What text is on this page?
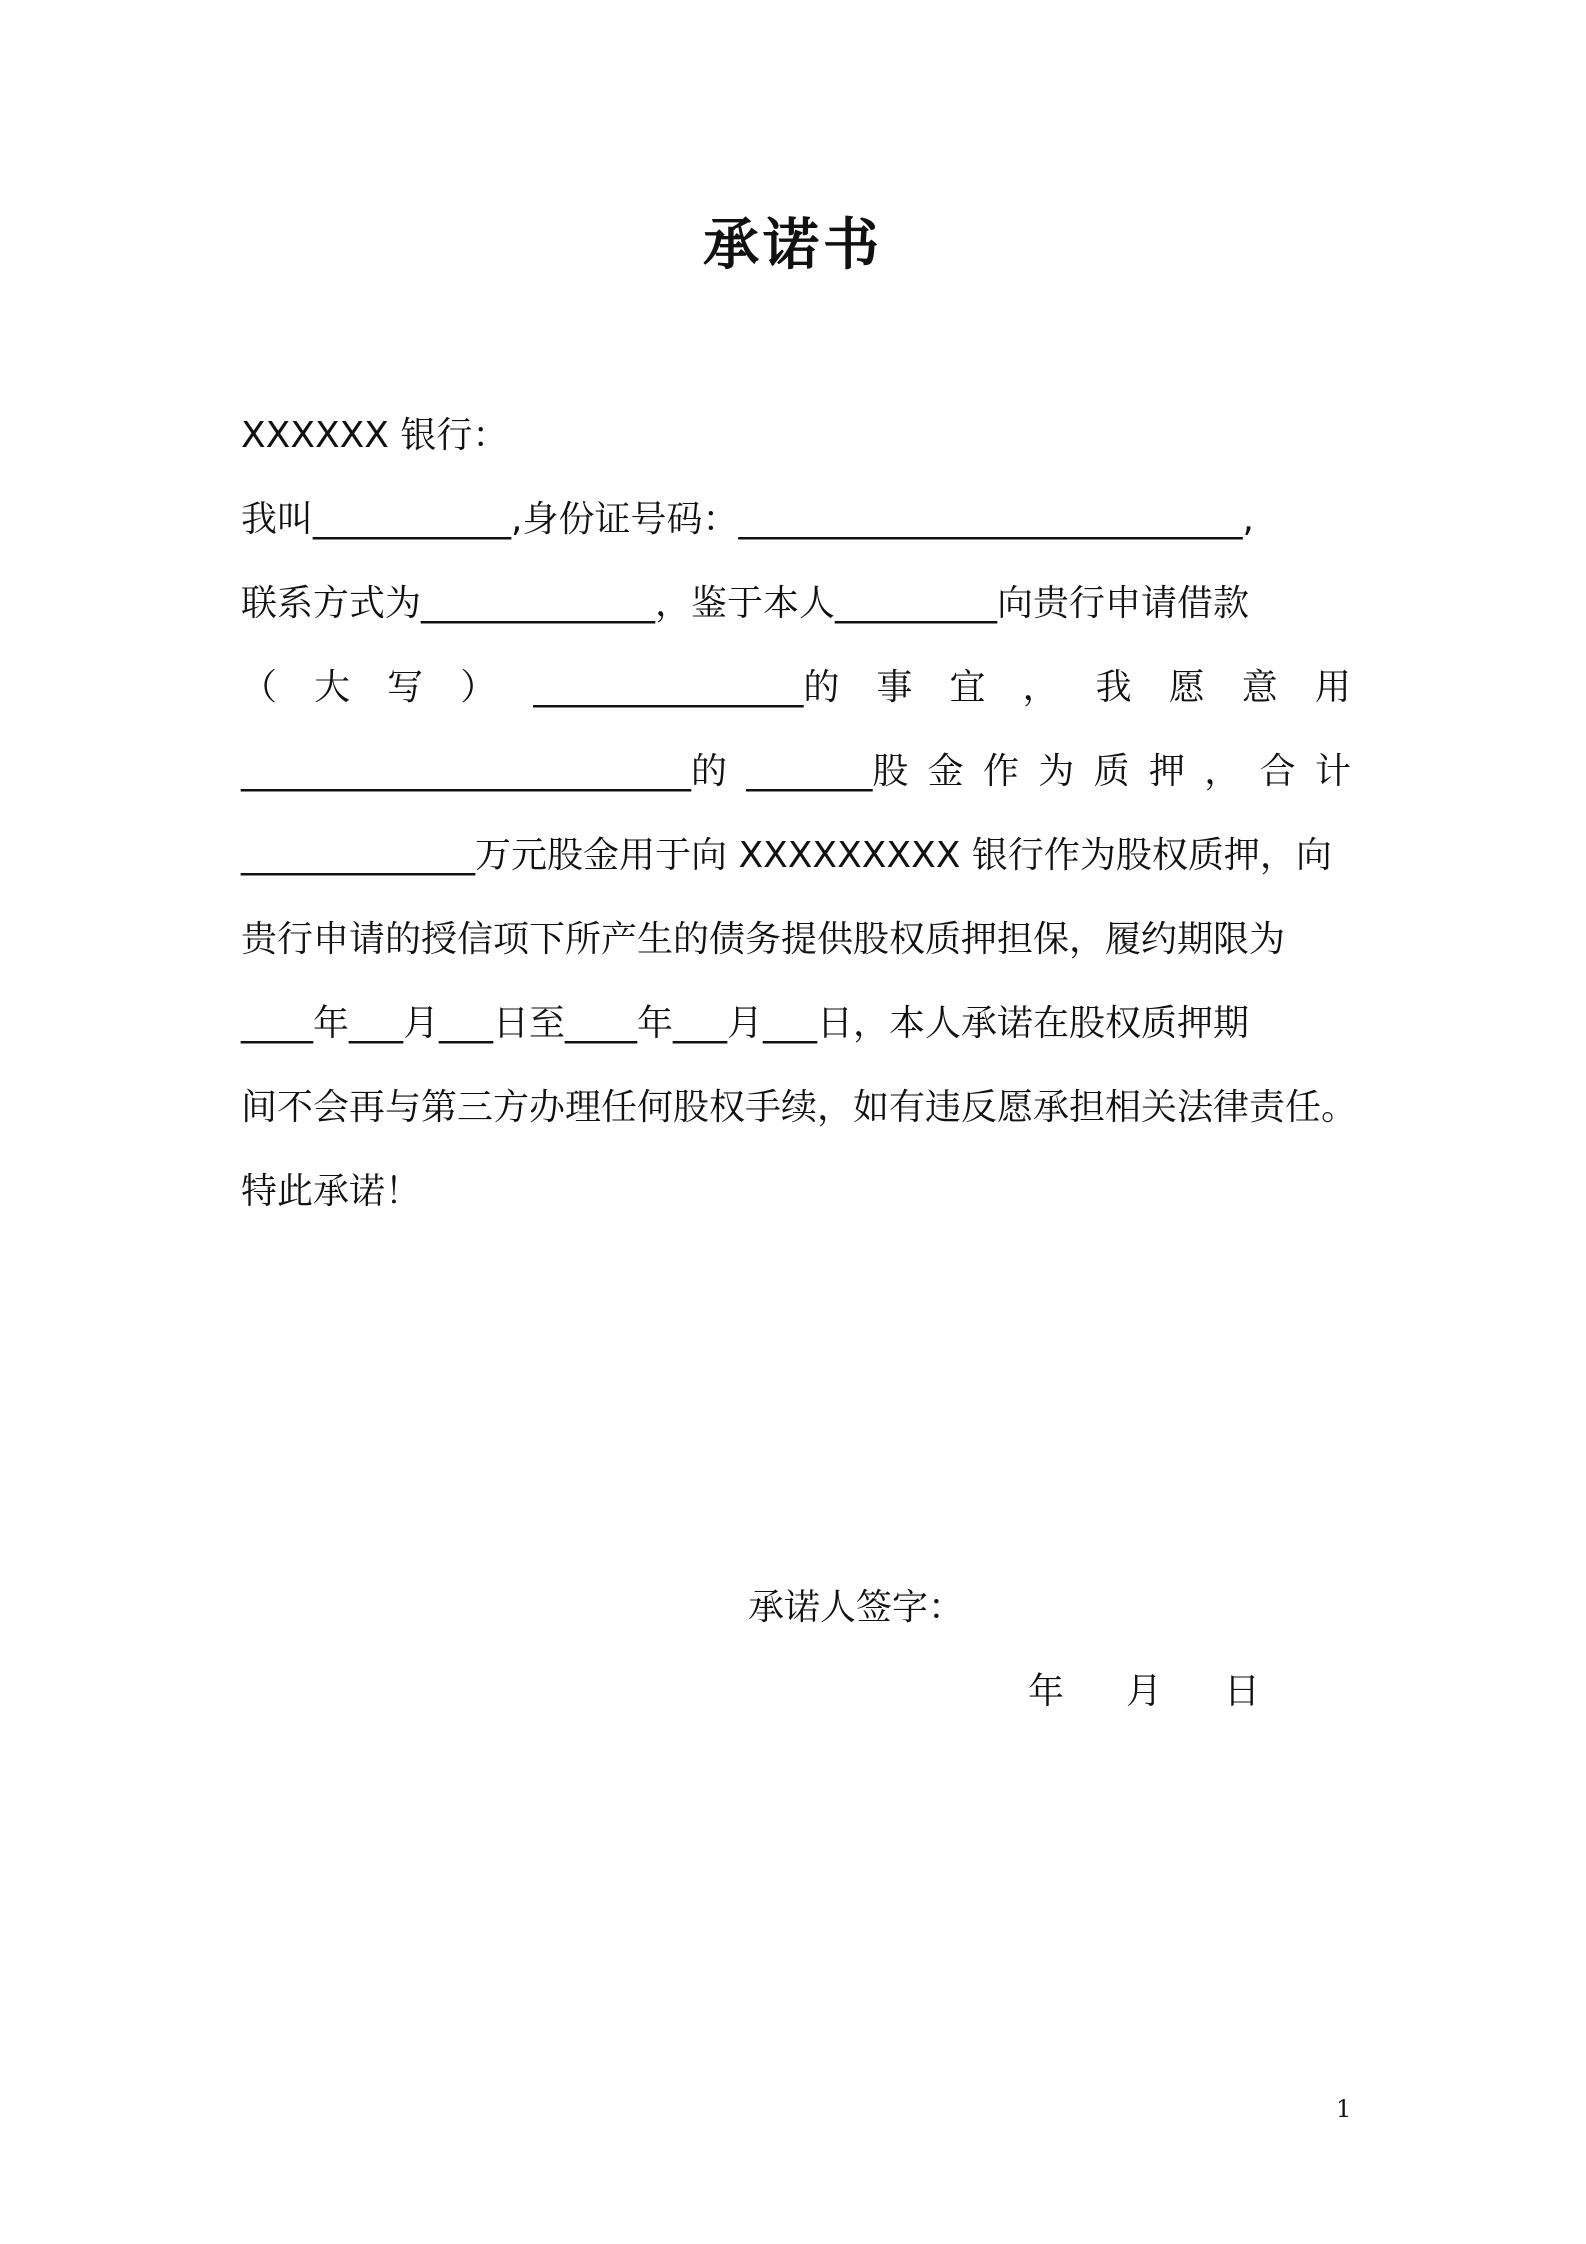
承诺书

XXXXXX 银行：

我叫___________,身份证号码：____________________________,

联系方式为_____________，鉴于本人_________向贵行申请借款

（ 大 写 ） _______________的 事 宜 ， 我 愿 意 用

_________________________的 _______股 金 作 为 质 押 ， 合 计

_____________万元股金用于向 XXXXXXXXX 银行作为股权质押，向

贵行申请的授信项下所产生的债务提供股权质押担保，履约期限为

____年___月___日至____年___月___日，本人承诺在股权质押期

间不会再与第三方办理任何股权手续，如有违反愿承担相关法律责任。

特此承诺！

承诺人签字：

年	月	日
1
